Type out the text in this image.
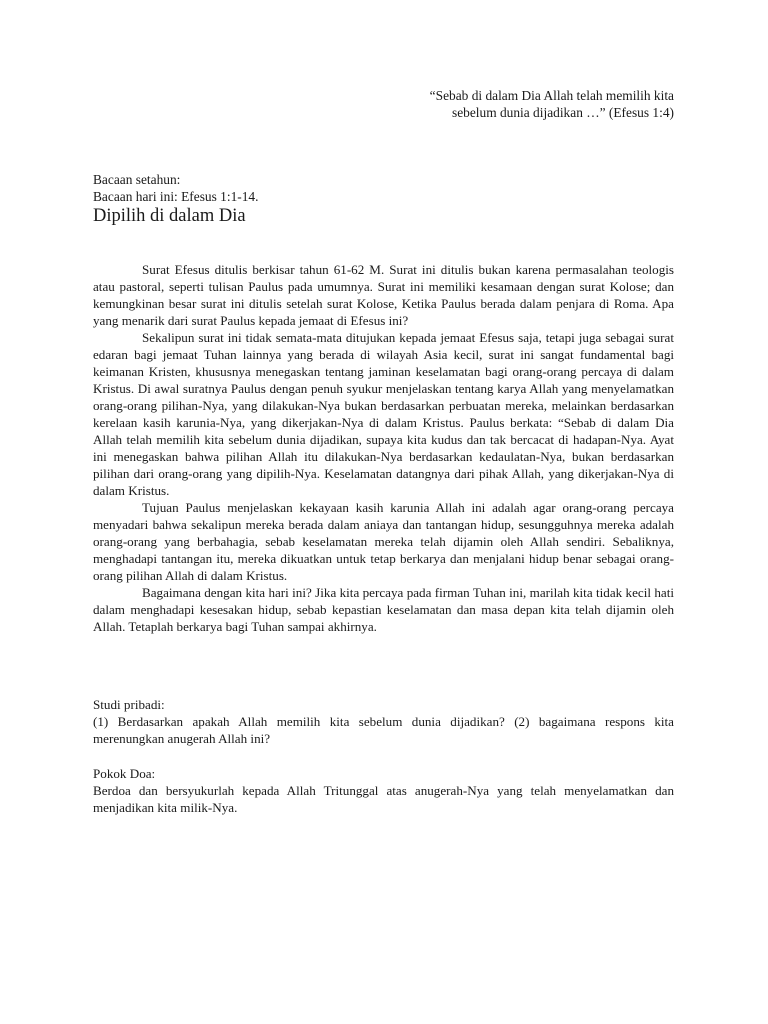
“Sebab di dalam Dia Allah telah memilih kita
sebelum dunia dijadikan …” (Efesus 1:4)
Bacaan setahun:
Bacaan hari ini: Efesus 1:1-14.
Dipilih di dalam Dia

Surat Efesus ditulis berkisar tahun 61-62 M. Surat ini ditulis bukan karena permasalahan teologis atau pastoral, seperti tulisan Paulus pada umumnya. Surat ini memiliki kesamaan dengan surat Kolose; dan kemungkinan besar surat ini ditulis setelah surat Kolose, Ketika Paulus berada dalam penjara di Roma. Apa yang menarik dari surat Paulus kepada jemaat di Efesus ini?

Sekalipun surat ini tidak semata-mata ditujukan kepada jemaat Efesus saja, tetapi juga sebagai surat edaran bagi jemaat Tuhan lainnya yang berada di wilayah Asia kecil, surat ini sangat fundamental bagi keimanan Kristen, khususnya menegaskan tentang jaminan keselamatan bagi orang-orang percaya di dalam Kristus. Di awal suratnya Paulus dengan penuh syukur menjelaskan tentang karya Allah yang menyelamatkan orang-orang pilihan-Nya, yang dilakukan-Nya bukan berdasarkan perbuatan mereka, melainkan berdasarkan kerelaan kasih karunia-Nya, yang dikerjakan-Nya di dalam Kristus. Paulus berkata: “Sebab di dalam Dia Allah telah memilih kita sebelum dunia dijadikan, supaya kita kudus dan tak bercacat di hadapan-Nya. Ayat ini menegaskan bahwa pilihan Allah itu dilakukan-Nya berdasarkan kedaulatan-Nya, bukan berdasarkan pilihan dari orang-orang yang dipilih-Nya. Keselamatan datangnya dari pihak Allah, yang dikerjakan-Nya di dalam Kristus.

Tujuan Paulus menjelaskan kekayaan kasih karunia Allah ini adalah agar orang-orang percaya menyadari bahwa sekalipun mereka berada dalam aniaya dan tantangan hidup, sesungguhnya mereka adalah orang-orang yang berbahagia, sebab keselamatan mereka telah dijamin oleh Allah sendiri. Sebaliknya, menghadapi tantangan itu, mereka dikuatkan untuk tetap berkarya dan menjalani hidup benar sebagai orang-orang pilihan Allah di dalam Kristus.

Bagaimana dengan kita hari ini? Jika kita percaya pada firman Tuhan ini, marilah kita tidak kecil hati dalam menghadapi kesesakan hidup, sebab kepastian keselamatan dan masa depan kita telah dijamin oleh Allah. Tetaplah berkarya bagi Tuhan sampai akhirnya.

Studi pribadi:

(1) Berdasarkan apakah Allah memilih kita sebelum dunia dijadikan? (2) bagaimana respons kita merenungkan anugerah Allah ini?

Pokok Doa:

Berdoa dan bersyukurlah kepada Allah Tritunggal atas anugerah-Nya yang telah menyelamatkan dan menjadikan kita milik-Nya.
